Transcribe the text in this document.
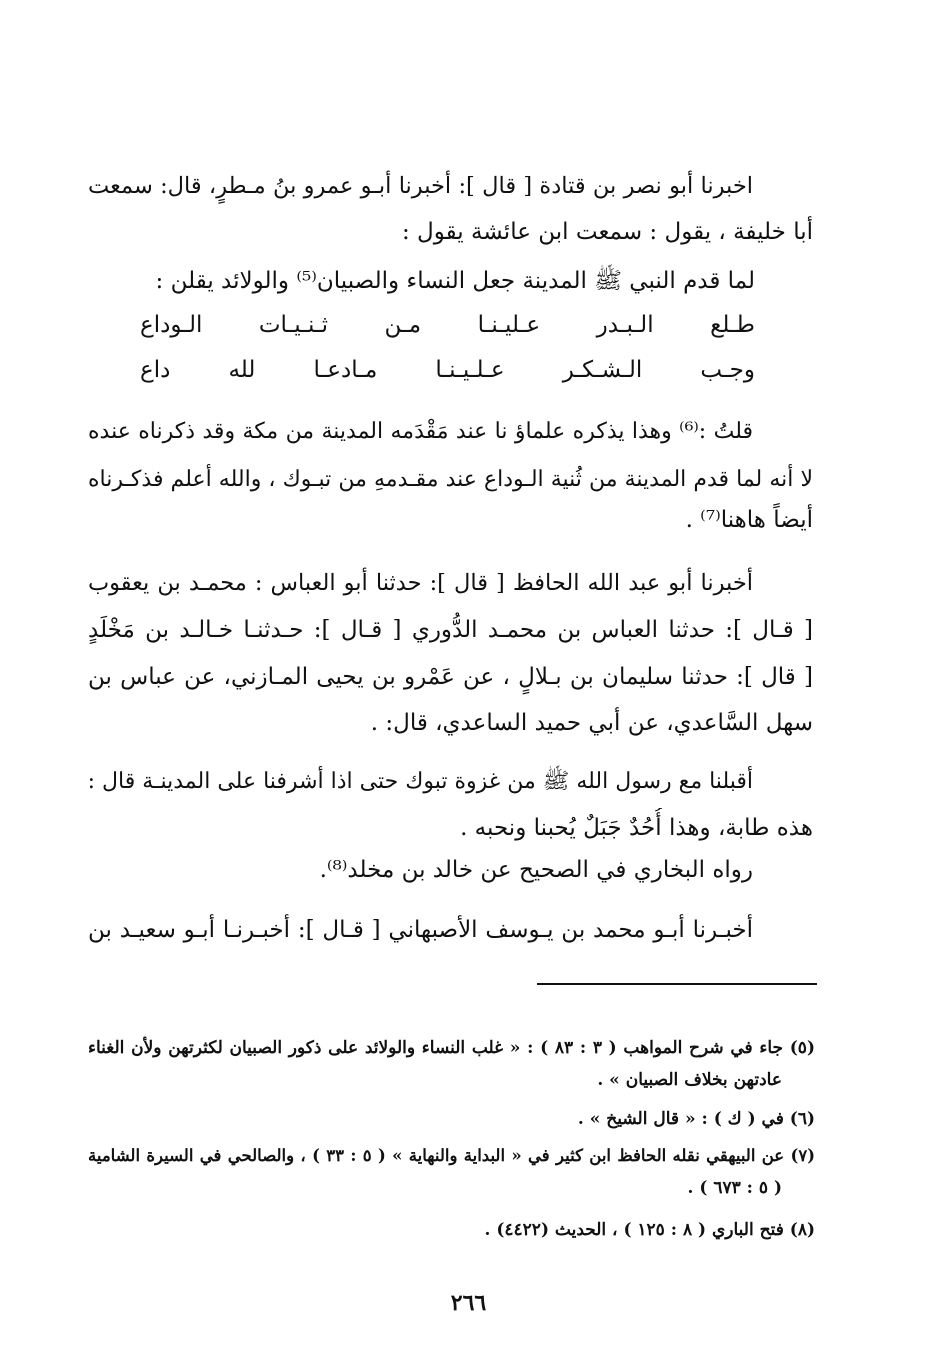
اخبرنا أبو نصر بن قتادة [ قال ]: أخبرنا أبـو عمرو بنُ مـطرٍ، قال: سمعت
أبا خليفة ، يقول : سمعت ابن عائشة يقول :
لما قدم النبي ﷺ المدينة جعل النساء والصبيان⁽⁵⁾ والولائد يقلن :
طـلع الـبـدر عـليـنـا مـن ثـنـيـات الـوداع
وجـب الـشـكـر عـلـيـنـا مـادعـا لله داع
قلتُ :⁽⁶⁾ وهذا يذكره علماؤ نا عند مَقْدَمه المدينة من مكة وقد ذكرناه عنده
لا أنه لما قدم المدينة من ثُنية الـوداع عند مقـدمهِ من تبـوك ، والله أعلم فذكـرناه
أيضاً هاهنا⁽⁷⁾ .
أخبرنا أبو عبد الله الحافظ [ قال ]: حدثنا أبو العباس : محمـد بن يعقوب
[ قـال ]: حدثنا العباس بن محمـد الدُّوري [ قـال ]: حـدثنـا خـالـد بن مَخْلَدٍ
[ قال ]: حدثنا سليمان بن بـلالٍ ، عن عَمْرو بن يحيى المـازني، عن عباس بن
سهل السَّاعدي، عن أبي حميد الساعدي، قال: .
أقبلنا مع رسول الله ﷺ من غزوة تبوك حتى اذا أشرفنا على المدينـة قال :
هذه طابة، وهذا أُحُدٌ جَبَلٌ يُحبنا ونحبه .
رواه البخاري في الصحيح عن خالد بن مخلد⁽⁸⁾.
أخبـرنا أبـو محمد بن يـوسف الأصبهاني [ قـال ]: أخبـرنـا أبـو سعيـد بن
(٥) جاء في شرح المواهب ( ٣ : ٨٣ ) : « غلب النساء والولائد على ذكور الصبيان لكثرتهن ولأن الغناء
عادتهن بخلاف الصبيان » .
(٦) في ( ك ) : « قال الشيخ » .
(٧) عن البيهقي نقله الحافظ ابن كثير في « البداية والنهاية » ( ٥ : ٣٣ ) ، والصالحي في السيرة الشامية
( ٥ : ٦٧٣ ) .
(٨) فتح الباري ( ٨ : ١٢٥ ) ، الحديث (٤٤٢٢) .
٢٦٦
